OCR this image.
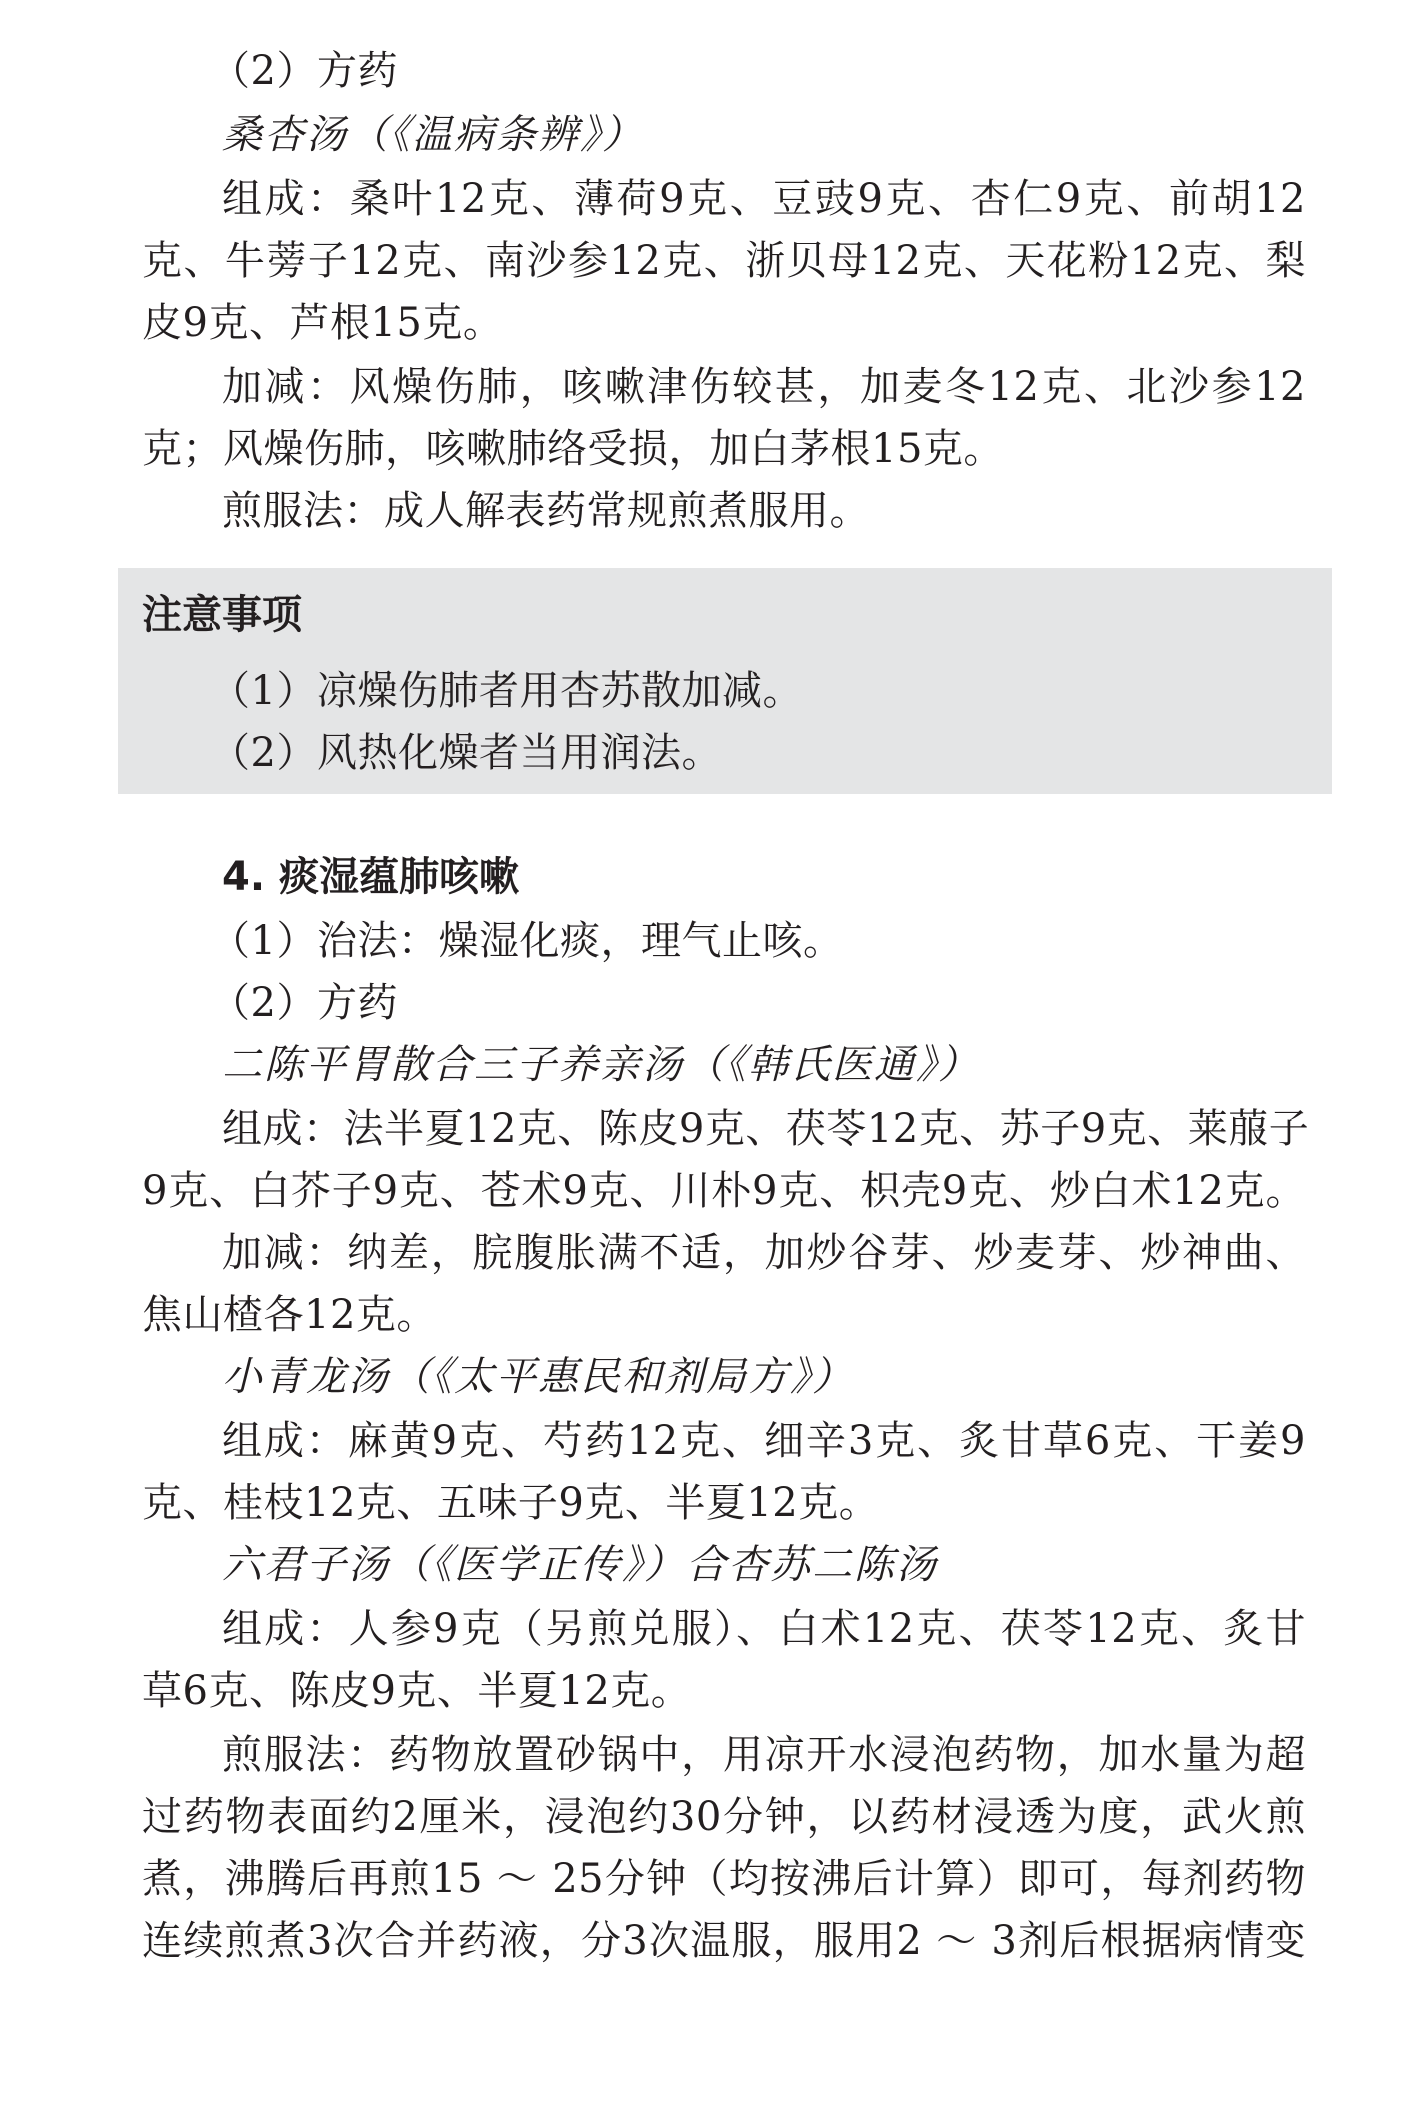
（2）方药
桑杏汤（《温病条辨》）
组成：桑叶12克、薄荷9克、豆豉9克、杏仁9克、前胡12
克、牛蒡子12克、南沙参12克、浙贝母12克、天花粉12克、梨
皮9克、芦根15克。
加减：风燥伤肺，咳嗽津伤较甚，加麦冬12克、北沙参12
克；风燥伤肺，咳嗽肺络受损，加白茅根15克。
煎服法：成人解表药常规煎煮服用。
注意事项
（1）凉燥伤肺者用杏苏散加减。
（2）风热化燥者当用润法。
4. 痰湿蕴肺咳嗽
（1）治法：燥湿化痰，理气止咳。
（2）方药
二陈平胃散合三子养亲汤（《韩氏医通》）
组成：法半夏12克、陈皮9克、茯苓12克、苏子9克、莱菔子
9克、白芥子9克、苍术9克、川朴9克、枳壳9克、炒白术12克。
加减：纳差，脘腹胀满不适，加炒谷芽、炒麦芽、炒神曲、
焦山楂各12克。
小青龙汤（《太平惠民和剂局方》）
组成：麻黄9克、芍药12克、细辛3克、炙甘草6克、干姜9
克、桂枝12克、五味子9克、半夏12克。
六君子汤（《医学正传》）合杏苏二陈汤
组成：人参9克（另煎兑服）、白术12克、茯苓12克、炙甘
草6克、陈皮9克、半夏12克。
煎服法：药物放置砂锅中，用凉开水浸泡药物，加水量为超
过药物表面约2厘米，浸泡约30分钟，以药材浸透为度，武火煎
煮，沸腾后再煎15 ～ 25分钟（均按沸后计算）即可，每剂药物
连续煎煮3次合并药液，分3次温服，服用2 ～ 3剂后根据病情变
